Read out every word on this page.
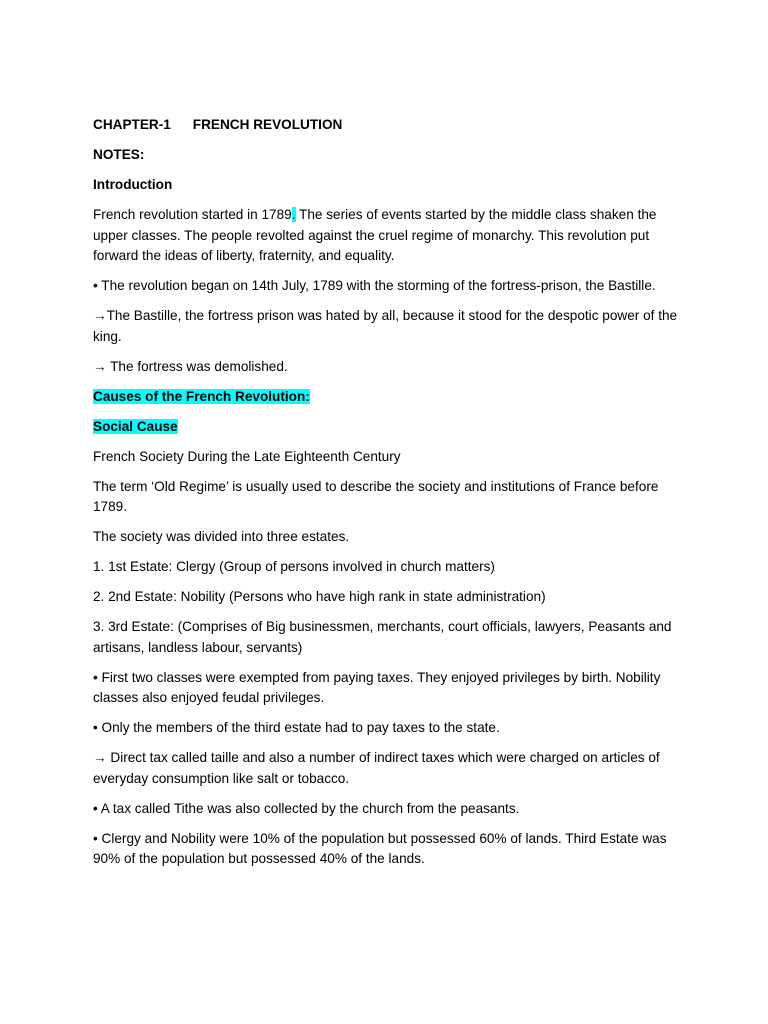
CHAPTER-1 FRENCH REVOLUTION

NOTES:

Introduction

French revolution started in 1789. The series of events started by the middle class shaken the upper classes. The people revolted against the cruel regime of monarchy. This revolution put forward the ideas of liberty, fraternity, and equality.

• The revolution began on 14th July, 1789 with the storming of the fortress-prison, the Bastille.

→The Bastille, the fortress prison was hated by all, because it stood for the despotic power of the king.

→ The fortress was demolished.

Causes of the French Revolution:

Social Cause

French Society During the Late Eighteenth Century

The term ‘Old Regime’ is usually used to describe the society and institutions of France before 1789.

The society was divided into three estates.

1. 1st Estate: Clergy (Group of persons involved in church matters)

2. 2nd Estate: Nobility (Persons who have high rank in state administration)

3. 3rd Estate: (Comprises of Big businessmen, merchants, court officials, lawyers, Peasants and artisans, landless labour, servants)

• First two classes were exempted from paying taxes. They enjoyed privileges by birth. Nobility classes also enjoyed feudal privileges.

• Only the members of the third estate had to pay taxes to the state.

→ Direct tax called taille and also a number of indirect taxes which were charged on articles of everyday consumption like salt or tobacco.

• A tax called Tithe was also collected by the church from the peasants.

• Clergy and Nobility were 10% of the population but possessed 60% of lands. Third Estate was 90% of the population but possessed 40% of the lands.
